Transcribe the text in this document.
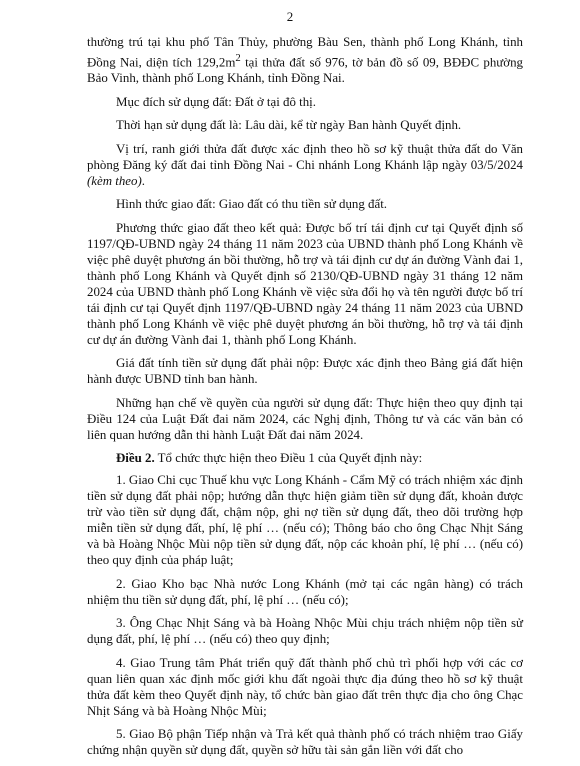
2

thường trú tại khu phố Tân Thủy, phường Bàu Sen, thành phố Long Khánh, tỉnh Đồng Nai, diện tích $129,2m^2$ tại thửa đất số 976, tờ bản đồ số 09, BĐĐC phường Bảo Vinh, thành phố Long Khánh, tỉnh Đồng Nai.

Mục đích sử dụng đất: Đất ở tại đô thị.

Thời hạn sử dụng đất là: Lâu dài, kể từ ngày Ban hành Quyết định.

Vị trí, ranh giới thửa đất được xác định theo hồ sơ kỹ thuật thửa đất do Văn phòng Đăng ký đất đai tỉnh Đồng Nai - Chi nhánh Long Khánh lập ngày 03/5/2024 (kèm theo).

Hình thức giao đất: Giao đất có thu tiền sử dụng đất.

Phương thức giao đất theo kết quả: Được bố trí tái định cư tại Quyết định số 1197/QĐ-UBND ngày 24 tháng 11 năm 2023 của UBND thành phố Long Khánh về việc phê duyệt phương án bồi thường, hỗ trợ và tái định cư dự án đường Vành đai 1, thành phố Long Khánh và Quyết định số 2130/QĐ-UBND ngày 31 tháng 12 năm 2024 của UBND thành phố Long Khánh về việc sửa đổi họ và tên người được bố trí tái định cư tại Quyết định 1197/QĐ-UBND ngày 24 tháng 11 năm 2023 của UBND thành phố Long Khánh về việc phê duyệt phương án bồi thường, hỗ trợ và tái định cư dự án đường Vành đai 1, thành phố Long Khánh.

Giá đất tính tiền sử dụng đất phải nộp: Được xác định theo Bảng giá đất hiện hành được UBND tỉnh ban hành.

Những hạn chế về quyền của người sử dụng đất: Thực hiện theo quy định tại Điều 124 của Luật Đất đai năm 2024, các Nghị định, Thông tư và các văn bản có liên quan hướng dẫn thi hành Luật Đất đai năm 2024.

Điều 2. Tổ chức thực hiện theo Điều 1 của Quyết định này:

1. Giao Chi cục Thuế khu vực Long Khánh - Cẩm Mỹ có trách nhiệm xác định tiền sử dụng đất phải nộp; hướng dẫn thực hiện giảm tiền sử dụng đất, khoản được trừ vào tiền sử dụng đất, chậm nộp, ghi nợ tiền sử dụng đất, theo dõi trường hợp miễn tiền sử dụng đất, phí, lệ phí … (nếu có); Thông báo cho ông Chạc Nhịt Sáng và bà Hoàng Nhộc Mùi nộp tiền sử dụng đất, nộp các khoản phí, lệ phí … (nếu có) theo quy định của pháp luật;

2. Giao Kho bạc Nhà nước Long Khánh (mở tại các ngân hàng) có trách nhiệm thu tiền sử dụng đất, phí, lệ phí … (nếu có);

3. Ông Chạc Nhịt Sáng và bà Hoàng Nhộc Mùi chịu trách nhiệm nộp tiền sử dụng đất, phí, lệ phí … (nếu có) theo quy định;

4. Giao Trung tâm Phát triển quỹ đất thành phố chủ trì phối hợp với các cơ quan liên quan xác định mốc giới khu đất ngoài thực địa đúng theo hồ sơ kỹ thuật thửa đất kèm theo Quyết định này, tổ chức bàn giao đất trên thực địa cho ông Chạc Nhịt Sáng và bà Hoàng Nhộc Mùi;

5. Giao Bộ phận Tiếp nhận và Trả kết quả thành phố có trách nhiệm trao Giấy chứng nhận quyền sử dụng đất, quyền sở hữu tài sản gắn liền với đất cho
